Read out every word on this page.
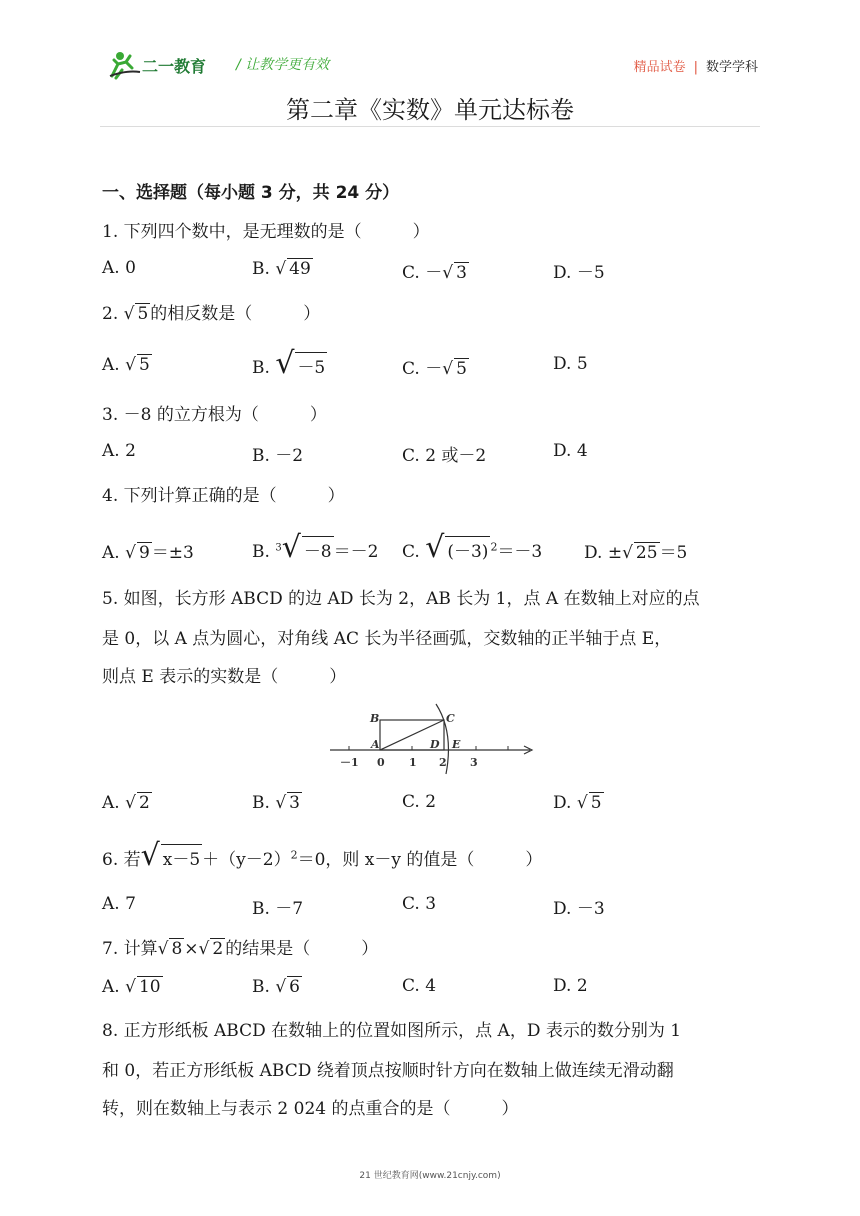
二一教育 / 让教学更有效	精品试卷 | 数学学科
第二章《实数》单元达标卷
一、选择题（每小题 3 分，共 24 分）
1. 下列四个数中，是无理数的是（　　　）
A. 0	B. √ 49	C. － √ 3	D. －5
2. √ 5 的相反数是（　　　）
A. √ 5	B. √ －5	C. － √ 5	D. 5
3. －8 的立方根为（　　　）
A. 2	B. －2	C. 2 或－2	D. 4
4. 下列计算正确的是（　　　）
A. √ 9 ＝±3	B. $^3$ √ －8 ＝－2 C. √ (－3) $^2$＝－3 D. ± √ 25 ＝5
5. 如图，长方形 ABCD 的边 AD 长为 2，AB 长为 1，点 A 在数轴上对应的点
是 0，以 A 点为圆心，对角线 AC 长为半径画弧，交数轴的正半轴于点 E，
则点 E 表示的实数是（　　　）
B	C
A	D E
－1 0 1 2 3
A. √ 2	B. √ 3	C. 2	D. √ 5
6. 若 √ $x-5 +(y-2)^2=0$，则 x－y 的值是（　　　）
A. 7	B. －7	C. 3	D. －3
7. 计算 √ 8 × √ 2 的结果是（　　　）
A. √ 10	B. √ 6	C. 4	D. 2
8. 正方形纸板 ABCD 在数轴上的位置如图所示，点 A，D 表示的数分别为 1
和 0，若正方形纸板 ABCD 绕着顶点按顺时针方向在数轴上做连续无滑动翻
转，则在数轴上与表示 2 024 的点重合的是（　　　）
21 世纪教育网(www.21cnjy.com)
